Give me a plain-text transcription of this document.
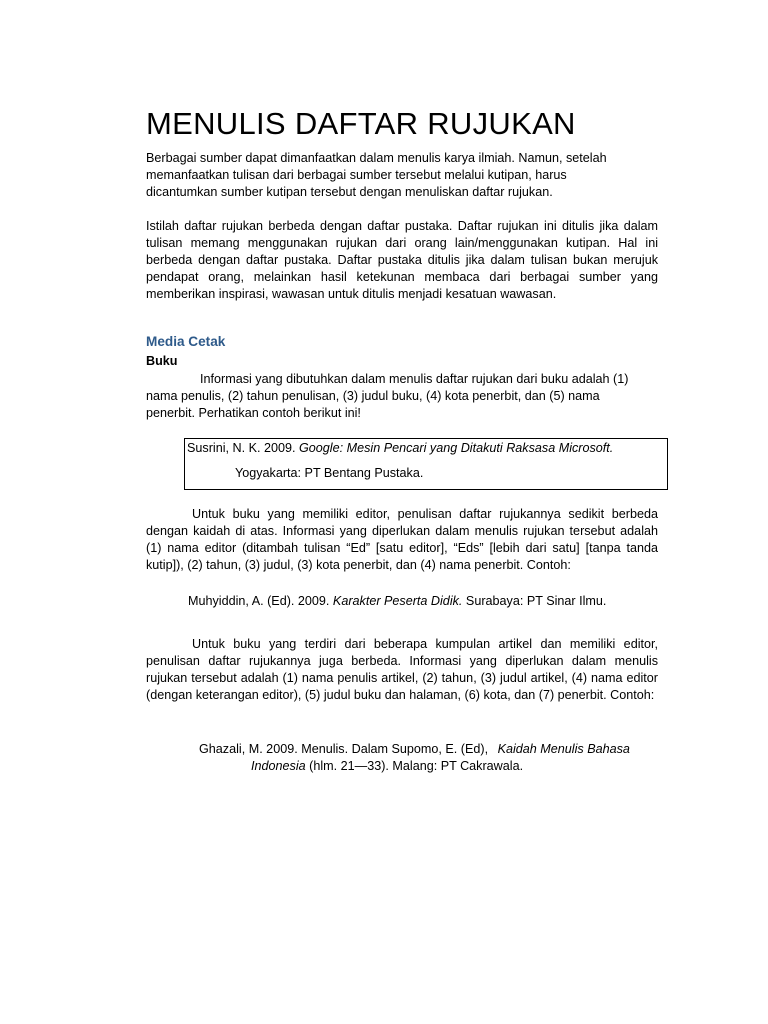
MENULIS DAFTAR RUJUKAN
Berbagai sumber dapat dimanfaatkan dalam menulis karya ilmiah. Namun, setelah
memanfaatkan tulisan dari berbagai sumber tersebut melalui kutipan, harus
dicantumkan sumber kutipan tersebut dengan menuliskan daftar rujukan.

Istilah daftar rujukan berbeda dengan daftar pustaka. Daftar rujukan ini ditulis jika dalam tulisan memang menggunakan rujukan dari orang lain/menggunakan kutipan. Hal ini berbeda dengan daftar pustaka. Daftar pustaka ditulis jika dalam tulisan bukan merujuk pendapat orang, melainkan hasil ketekunan membaca dari berbagai sumber yang memberikan inspirasi, wawasan untuk ditulis menjadi kesatuan wawasan.

Media Cetak
Buku
Informasi yang dibutuhkan dalam menulis daftar rujukan dari buku adalah (1)
nama penulis, (2) tahun penulisan, (3) judul buku, (4) kota penerbit, dan (5) nama
penerbit. Perhatikan contoh berikut ini!
Susrini, N. K. 2009. Google: Mesin Pencari yang Ditakuti Raksasa Microsoft.
Yogyakarta: PT Bentang Pustaka.

Untuk buku yang memiliki editor, penulisan daftar rujukannya sedikit berbeda dengan kaidah di atas. Informasi yang diperlukan dalam menulis rujukan tersebut adalah (1) nama editor (ditambah tulisan “Ed” [satu editor], “Eds” [lebih dari satu] [tanpa tanda kutip]), (2) tahun, (3) judul, (3) kota penerbit, dan (4) nama penerbit. Contoh:

Muhyiddin, A. (Ed). 2009. Karakter Peserta Didik. Surabaya: PT Sinar Ilmu.

Untuk buku yang terdiri dari beberapa kumpulan artikel dan memiliki editor, penulisan daftar rujukannya juga berbeda. Informasi yang diperlukan dalam menulis rujukan tersebut adalah (1) nama penulis artikel, (2) tahun, (3) judul artikel, (4) nama editor (dengan keterangan editor), (5) judul buku dan halaman, (6) kota, dan (7) penerbit. Contoh:

Ghazali, M. 2009. Menulis. Dalam Supomo, E. (Ed), Kaidah Menulis Bahasa
Indonesia (hlm. 21—33). Malang: PT Cakrawala.
